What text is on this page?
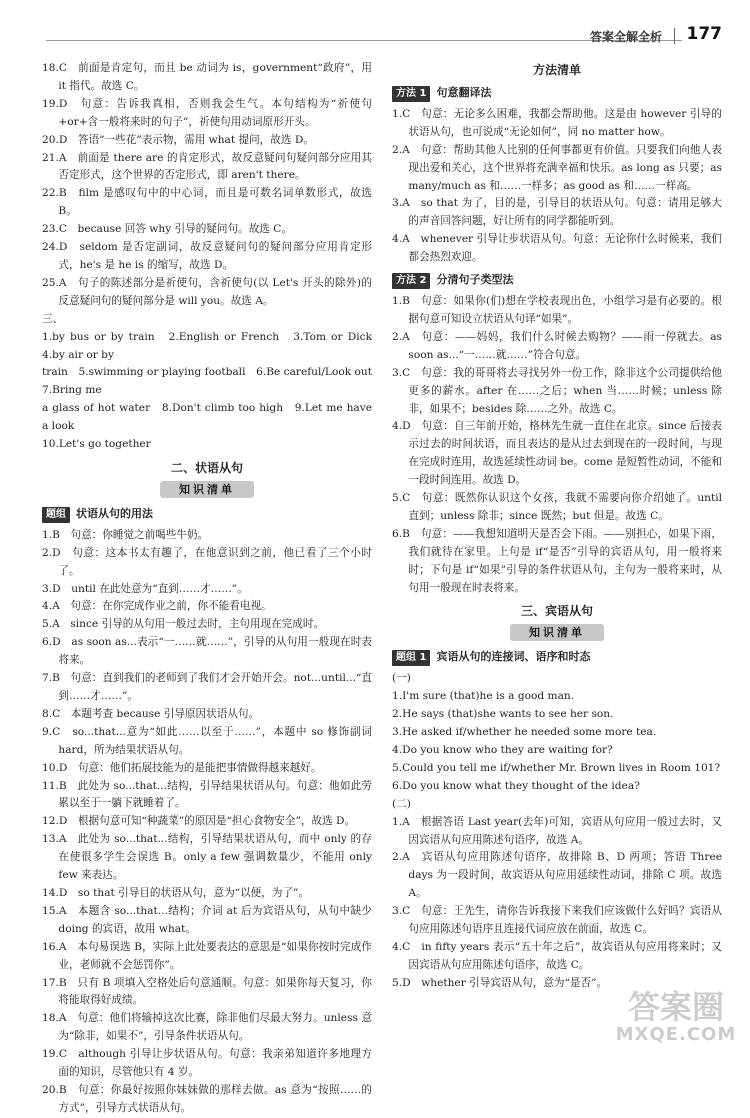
答案全解全析 177

18.C　前面是肯定句，而且 be 动词为 is，government“政府”，用 it 指代。故选 C。

19.D　句意：告诉我真相，否则我会生气。本句结构为“祈使句+or+含一般将来时的句子”，祈使句用动词原形开头。

20.D　答语“一些花”表示物，需用 what 提问，故选 D。

21.A　前面是 there are 的肯定形式，故反意疑问句疑问部分应用其否定形式，这个世界的否定形式，即 aren't there。

22.B　film 是感叹句中的中心词，而且是可数名词单数形式，故选 B。

23.C　because 回答 why 引导的疑问句。故选 C。

24.D　seldom 是否定副词，故反意疑问句的疑问部分应用肯定形式，he's 是 he is 的缩写，故选 D。

25.A　句子的陈述部分是祈使句，含祈使句(以 Let's 开头的除外)的反意疑问句的疑问部分是 will you。故选 A。

三、

1.by bus or by train　2.English or French　3.Tom or Dick　4.by air or by

train　5.swimming or playing football　6.Be careful/Look out　7.Bring me

a glass of hot water　8.Don't climb too high　9.Let me have a look

10.Let's go together

二、状语从句
知识清单
题组 状语从句的用法

1.B　句意：你睡觉之前喝些牛奶。

2.D　句意：这本书太有趣了，在他意识到之前，他已看了三个小时了。

3.D　until 在此处意为“直到……才……”。

4.A　句意：在你完成作业之前，你不能看电视。

5.A　since 引导的从句用一般过去时，主句用现在完成时。

6.D　as soon as...表示“一……就……”，引导的从句用一般现在时表将来。

7.B　句意：直到我们的老师到了我们才会开始开会。not...until...“直到……才……”。

8.C　本题考查 because 引导原因状语从句。

9.C　so...that...意为“如此……以至于……”，本题中 so 修饰副词 hard，所为结果状语从句。

10.D　句意：他们拓展技能为的是能把事情做得越来越好。

11.B　此处为 so...that...结构，引导结果状语从句。句意：他如此劳累以至于一躺下就睡着了。

12.D　根据句意可知“种蔬菜”的原因是“担心食物安全”，故选 D。

13.A　此处为 so...that...结构，引导结果状语从句，而中 only 的存在使很多学生会误选 B。only a few 强调数量少，不能用 only few 来表达。

14.D　so that 引导目的状语从句，意为“以便，为了”。

15.A　本题含 so...that...结构；介词 at 后为宾语从句，从句中缺少 doing 的宾语，故用 what。

16.A　本句易误选 B，实际上此处要表达的意思是“如果你按时完成作业，老师就不会惩罚你”。

17.B　只有 B 项填入空格处后句意通顺。句意：如果你每天复习，你将能取得好成绩。

18.A　句意：他们将输掉这次比赛，除非他们尽最大努力。unless 意为“除非，如果不”，引导条件状语从句。

19.C　although 引导让步状语从句。句意：我亲弟知道许多地理方面的知识，尽管他只有 4 岁。

20.B　句意：你最好按照你妹妹做的那样去做。as 意为“按照……的方式”，引导方式状语从句。

方法清单
方法 1 句意翻译法

1.C　句意：无论多么困难，我都会帮助他。这是由 however 引导的状语从句，也可说成“无论如何”，同 no matter how。

2.A　句意：帮助其他人比别的任何事都更有价值。只要我们向他人表现出爱和关心，这个世界将充满幸福和快乐。as long as 只要；as many/much as 和……一样多；as good as 和……一样高。

3.A　so that 为了，目的是，引导目的状语从句。句意：请用足够大的声音回答问题，好让所有的同学都能听到。

4.A　whenever 引导让步状语从句。句意：无论你什么时候来，我们都会热烈欢迎。

方法 2 分清句子类型法

1.B　句意：如果你(们)想在学校表现出色，小组学习是有必要的。根据句意可知设立状语从句译“如果”。

2.A　句意：——妈妈，我们什么时候去购物？——雨一停就去。as soon as...“一……就……”符合句意。

3.C　句意：我的哥哥将去寻找另外一份工作，除非这个公司提供给他更多的薪水。after 在……之后；when 当……时候；unless 除非，如果不；besides 除……之外。故选 C。

4.D　句意：自三年前开始，格林先生就一直住在北京。since 后接表示过去的时间状语，而且表达的是从过去到现在的一段时间，与现在完成时连用，故选延续性动词 be。come 是短暂性动词，不能和一段时间连用。故选 D。

5.C　句意：既然你认识这个女孩，我就不需要向你介绍她了。until 直到；unless 除非；since 既然；but 但是。故选 C。

6.B　句意：——我想知道明天是否会下雨。——别担心，如果下雨，我们就待在家里。上句是 if“是否”引导的宾语从句，用一般将来时；下句是 if“如果”引导的条件状语从句，主句为一般将来时，从句用一般现在时表将来。

三、宾语从句
知识清单
题组 1 宾语从句的连接词、语序和时态

(一)

1.I'm sure (that)he is a good man.

2.He says (that)she wants to see her son.

3.He asked if/whether he needed some more tea.

4.Do you know who they are waiting for?

5.Could you tell me if/whether Mr. Brown lives in Room 101?

6.Do you know what they thought of the idea?

(二)

1.A　根据答语 Last year(去年)可知，宾语从句应用一般过去时，又因宾语从句应用陈述句语序，故选 A。

2.A　宾语从句应用陈述句语序，故排除 B、D 两项；答语 Three days 为一段时间，故宾语从句应用延续性动词，排除 C 项。故选 A。

3.C　句意：王先生，请你告诉我接下来我们应该做什么好吗？宾语从句应用陈述句语序且连接代词应放在前面，故选 C。

4.C　in fifty years 表示“五十年之后”，故宾语从句应用将来时；又因宾语从句应用陈述句语序，故选 C。

5.D　whether 引导宾语从句，意为“是否”。

答案圈
MXQE.COM
